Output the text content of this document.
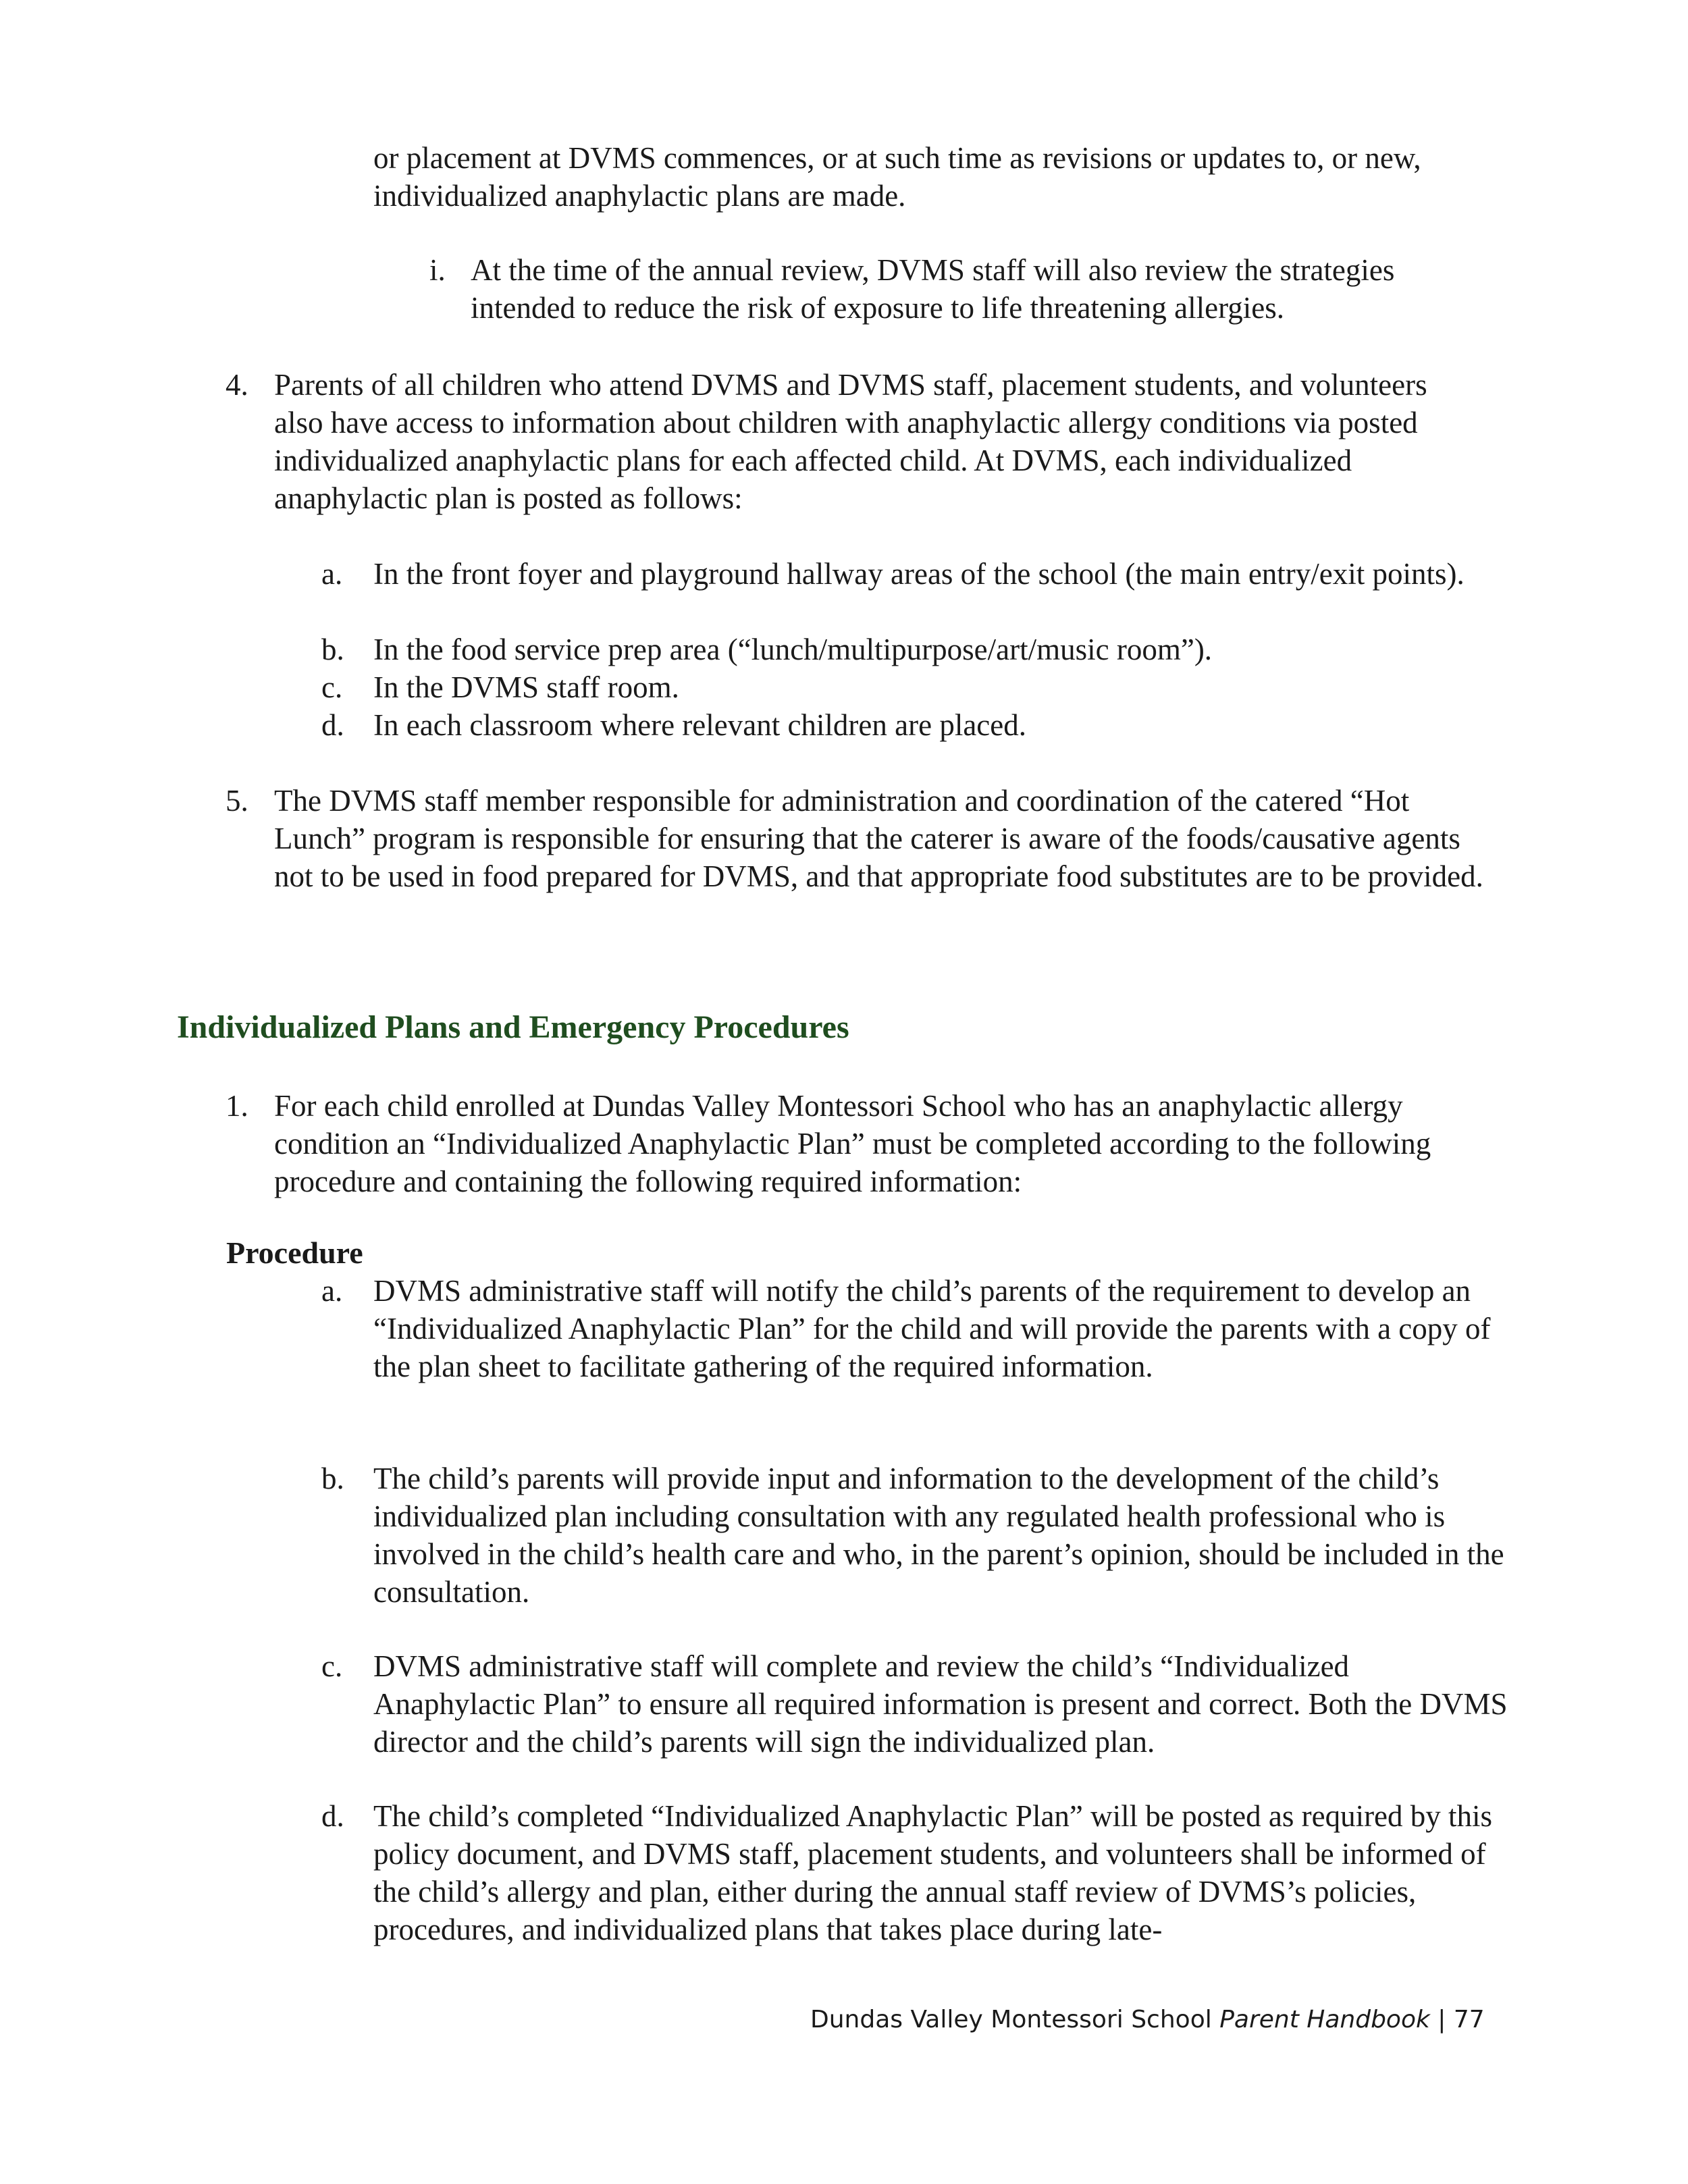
or placement at DVMS commences, or at such time as revisions or updates to, or new, individualized anaphylactic plans are made.

i. At the time of the annual review, DVMS staff will also review the strategies intended to reduce the risk of exposure to life threatening allergies.

4. Parents of all children who attend DVMS and DVMS staff, placement students, and volunteers also have access to information about children with anaphylactic allergy conditions via posted individualized anaphylactic plans for each affected child. At DVMS, each individualized anaphylactic plan is posted as follows:

a. In the front foyer and playground hallway areas of the school (the main entry/exit points).

b. In the food service prep area (“lunch/multipurpose/art/music room”).

c. In the DVMS staff room.

d. In each classroom where relevant children are placed.

5. The DVMS staff member responsible for administration and coordination of the catered “Hot Lunch” program is responsible for ensuring that the caterer is aware of the foods/causative agents not to be used in food prepared for DVMS, and that appropriate food substitutes are to be provided.

Individualized Plans and Emergency Procedures
1. For each child enrolled at Dundas Valley Montessori School who has an anaphylactic allergy condition an “Individualized Anaphylactic Plan” must be completed according to the following procedure and containing the following required information:

Procedure
a. DVMS administrative staff will notify the child’s parents of the requirement to develop an “Individualized Anaphylactic Plan” for the child and will provide the parents with a copy of the plan sheet to facilitate gathering of the required information.

b. The child’s parents will provide input and information to the development of the child’s individualized plan including consultation with any regulated health professional who is involved in the child’s health care and who, in the parent’s opinion, should be included in the consultation.

c. DVMS administrative staff will complete and review the child’s “Individualized Anaphylactic Plan” to ensure all required information is present and correct. Both the DVMS director and the child’s parents will sign the individualized plan.

d. The child’s completed “Individualized Anaphylactic Plan” will be posted as required by this policy document, and DVMS staff, placement students, and volunteers shall be informed of the child’s allergy and plan, either during the annual staff review of DVMS’s policies, procedures, and individualized plans that takes place during late-

Dundas Valley Montessori School Parent Handbook | 77
